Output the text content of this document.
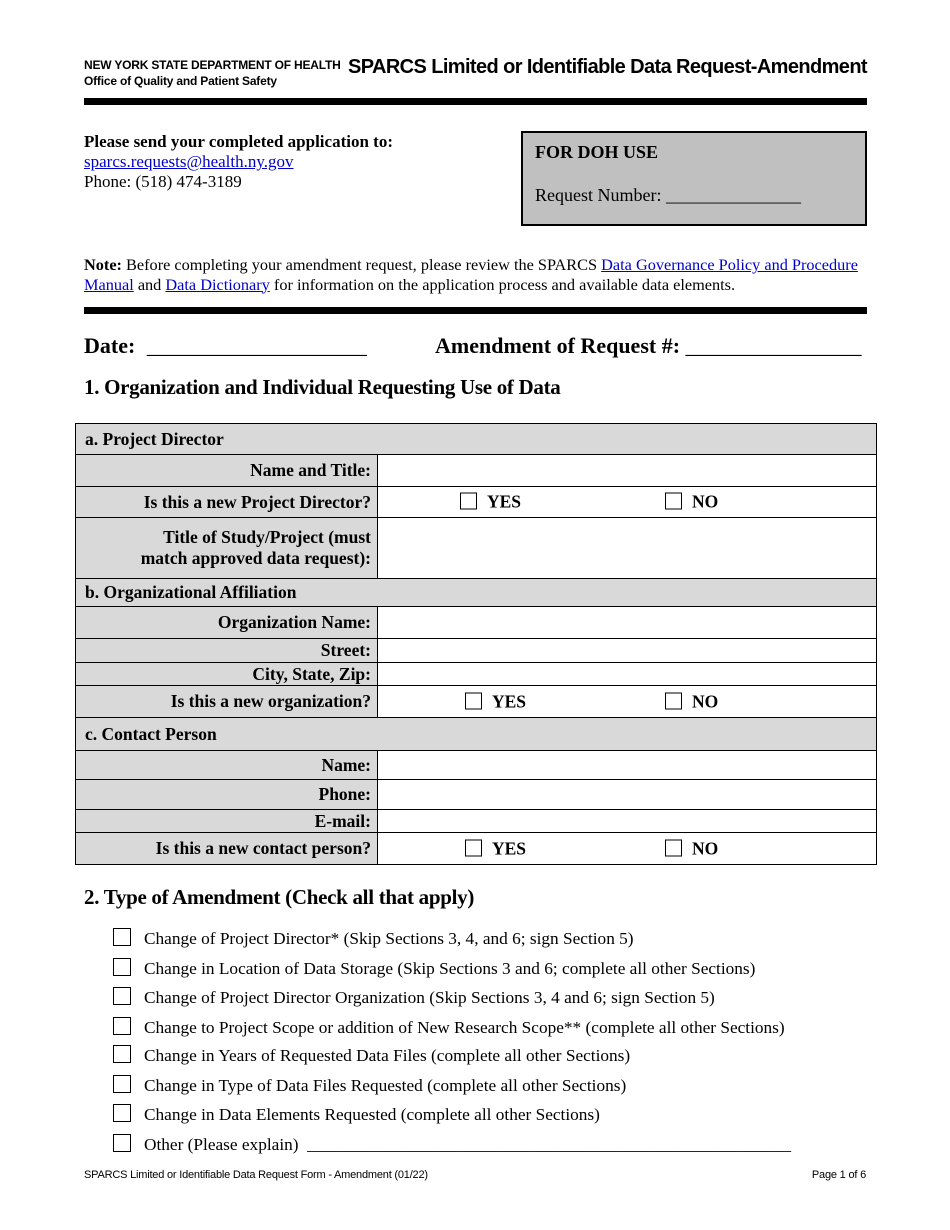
NEW YORK STATE DEPARTMENT OF HEALTH
Office of Quality and Patient Safety
SPARCS Limited or Identifiable Data Request-Amendment
Please send your completed application to:
sparcs.requests@health.ny.gov
Phone: (518) 474-3189
FOR DOH USE
Request Number: _______________
Note: Before completing your amendment request, please review the SPARCS Data Governance Policy and Procedure Manual and Data Dictionary for information on the application process and available data elements.
Date: ____________________	Amendment of Request #: ________________
1. Organization and Individual Requesting Use of Data
a. Project Director	
Name and Title:	
Is this a new Project Director?	YES NO

Title of Study/Project (must
match approved data request):	

b. Organizational Affiliation	
Organization Name:	
Street:	
City, State, Zip:	
Is this a new organization?	YES NO

c. Contact Person	
Name:	
Phone:	
E-mail:	
Is this a new contact person?	YES NO
2. Type of Amendment (Check all that apply)
Change of Project Director* (Skip Sections 3, 4, and 6; sign Section 5)
Change in Location of Data Storage (Skip Sections 3 and 6; complete all other Sections)
Change of Project Director Organization (Skip Sections 3, 4 and 6; sign Section 5)
Change to Project Scope or addition of New Research Scope** (complete all other Sections)
Change in Years of Requested Data Files (complete all other Sections)
Change in Type of Data Files Requested (complete all other Sections)
Change in Data Elements Requested (complete all other Sections)
Other (Please explain) ________________________________________________________
SPARCS Limited or Identifiable Data Request Form - Amendment (01/22)	Page 1 of 6
